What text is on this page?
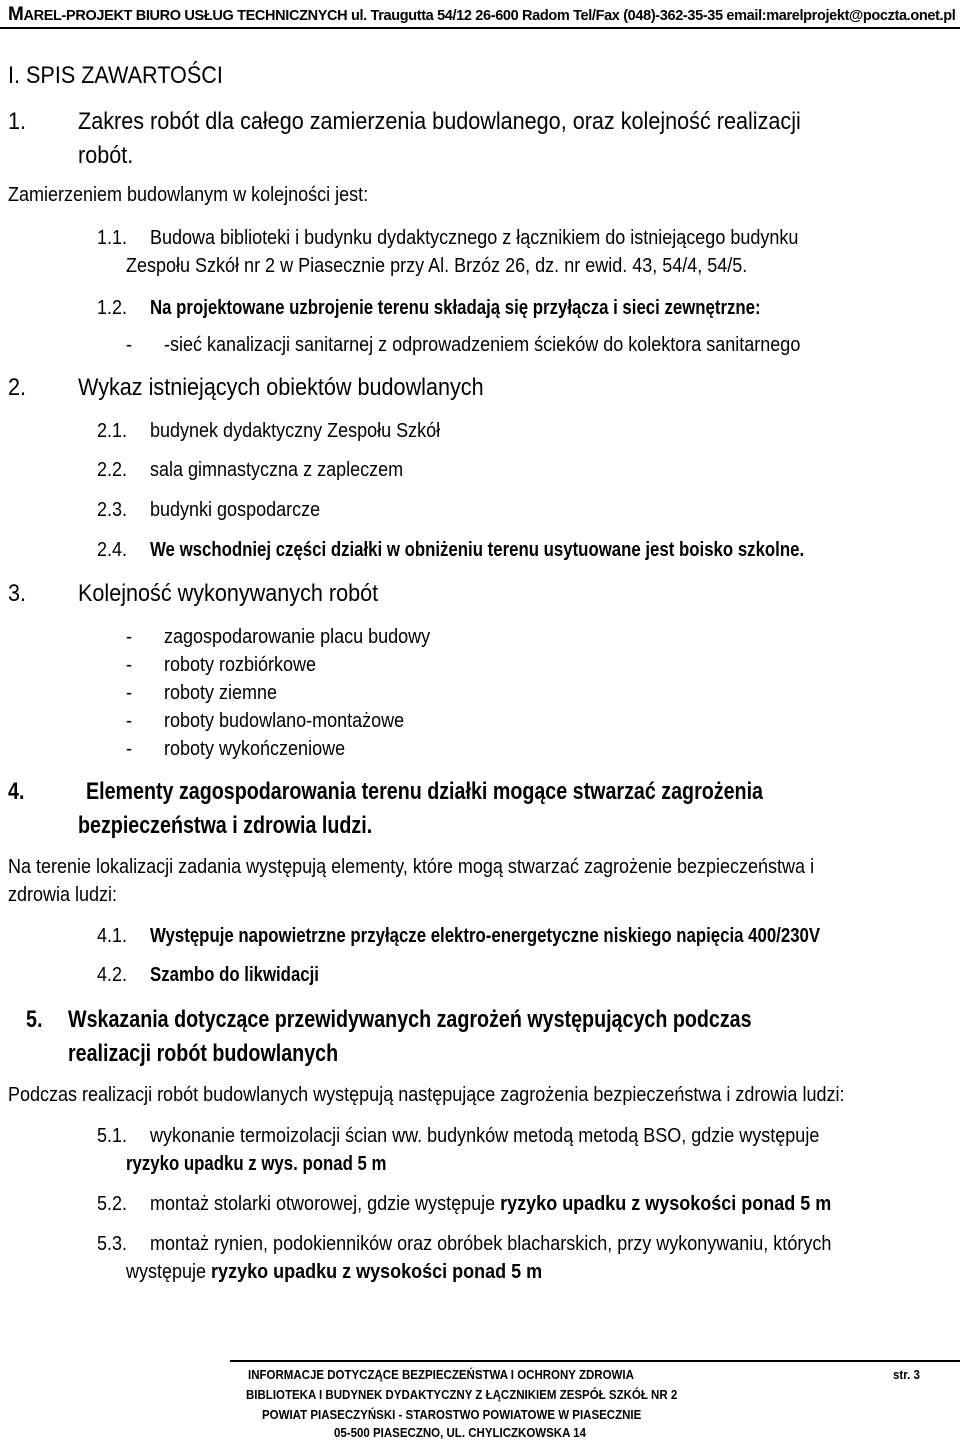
MAREL-PROJEKT BIURO USŁUG TECHNICZNYCH ul. Traugutta 54/12 26-600 Radom Tel/Fax (048)-362-35-35 email:marelprojekt@poczta.onet.pl
I. SPIS ZAWARTOŚCI
1. Zakres robót dla całego zamierzenia budowlanego, oraz kolejność realizacji
robót.
Zamierzeniem budowlanym w kolejności jest:
1.1. Budowa biblioteki i budynku dydaktycznego z łącznikiem do istniejącego budynku
Zespołu Szkół nr 2 w Piasecznie przy Al. Brzóz 26, dz. nr ewid. 43, 54/4, 54/5.
1.2. Na projektowane uzbrojenie terenu składają się przyłącza i sieci zewnętrzne:
- -sieć kanalizacji sanitarnej z odprowadzeniem ścieków do kolektora sanitarnego
2. Wykaz istniejących obiektów budowlanych
2.1. budynek dydaktyczny Zespołu Szkół
2.2. sala gimnastyczna z zapleczem
2.3. budynki gospodarcze
2.4. We wschodniej części działki w obniżeniu terenu usytuowane jest boisko szkolne.
3. Kolejność wykonywanych robót
- zagospodarowanie placu budowy
- roboty rozbiórkowe
- roboty ziemne
- roboty budowlano-montażowe
- roboty wykończeniowe
4.	Elementy zagospodarowania terenu działki mogące stwarzać zagrożenia
bezpieczeństwa i zdrowia ludzi.
Na terenie lokalizacji zadania występują elementy, które mogą stwarzać zagrożenie bezpieczeństwa i
zdrowia ludzi:
4.1. Występuje napowietrzne przyłącze elektro-energetyczne niskiego napięcia 400/230V
4.2. Szambo do likwidacji
5. Wskazania dotyczące przewidywanych zagrożeń występujących podczas
realizacji robót budowlanych
Podczas realizacji robót budowlanych występują następujące zagrożenia bezpieczeństwa i zdrowia ludzi:
5.1. wykonanie termoizolacji ścian ww. budynków metodą metodą BSO, gdzie występuje
ryzyko upadku z wys. ponad 5 m
5.2. montaż stolarki otworowej, gdzie występuje ryzyko upadku z wysokości ponad 5 m
5.3. montaż rynien, podokienników oraz obróbek blacharskich, przy wykonywaniu, których
występuje ryzyko upadku z wysokości ponad 5 m
INFORMACJE DOTYCZĄCE BEZPIECZEŃSTWA I OCHRONY ZDROWIA	str. 3
BIBLIOTEKA I BUDYNEK DYDAKTYCZNY Z ŁĄCZNIKIEM ZESPÓŁ SZKÓŁ NR 2
POWIAT PIASECZYŃSKI - STAROSTWO POWIATOWE W PIASECZNIE
05-500 PIASECZNO, UL. CHYLICZKOWSKA 14
